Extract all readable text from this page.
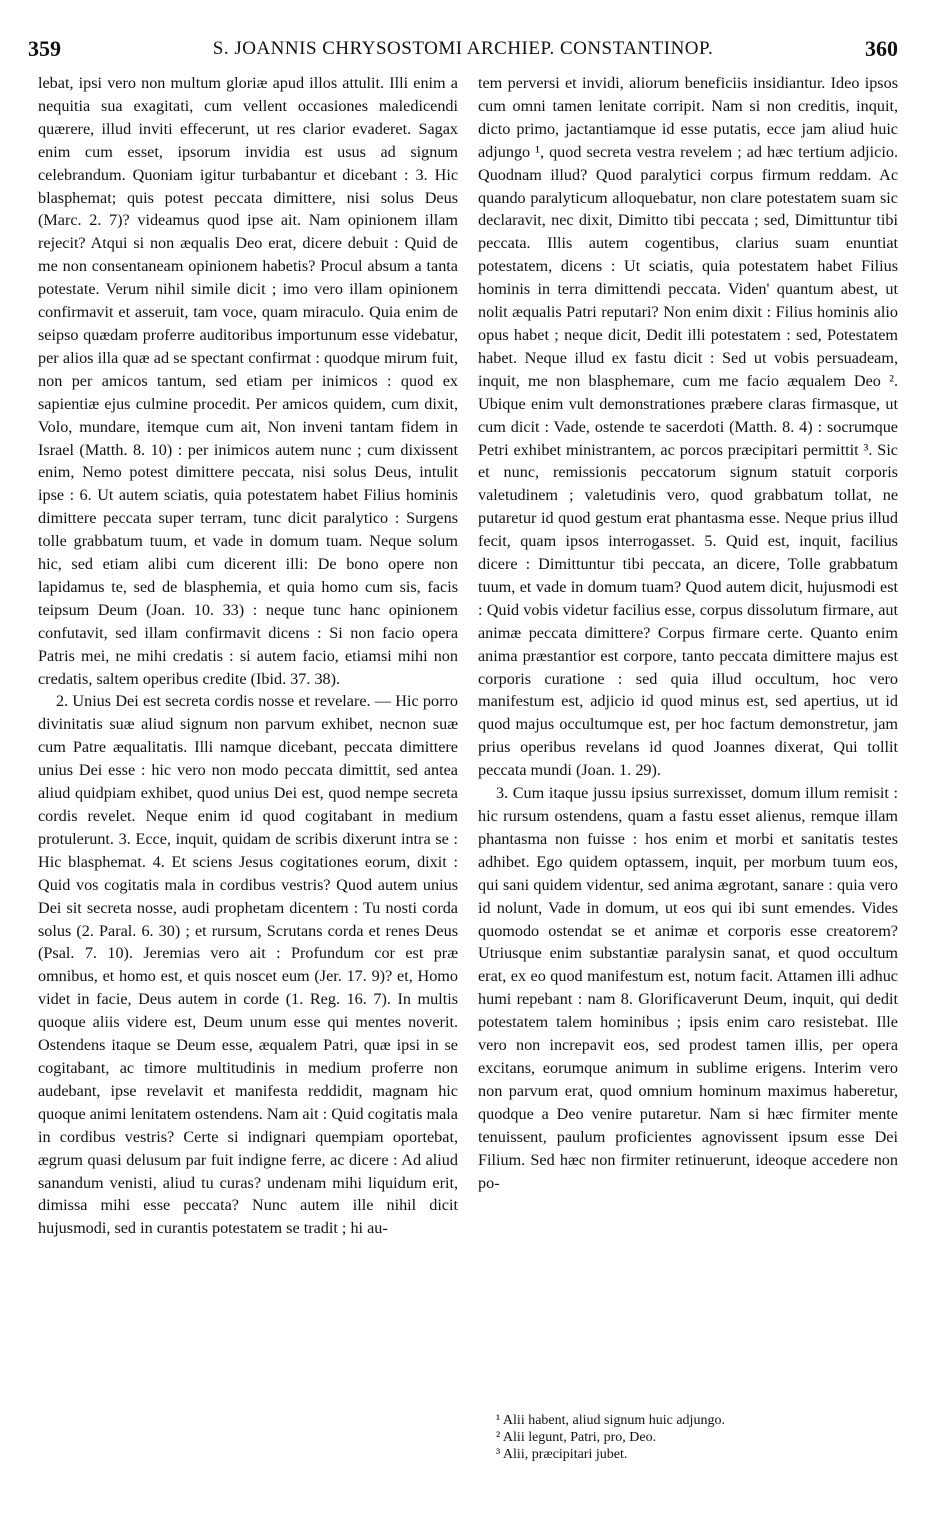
359	S. JOANNIS CHRYSOSTOMI ARCHIEP. CONSTANTINOP.	360

lebat, ipsi vero non multum gloriæ apud illos attulit. Illi enim a nequitia sua exagitati, cum vellent occasiones maledicendi quærere, illud inviti effecerunt, ut res clarior evaderet. Sagax enim cum esset, ipsorum invidia est usus ad signum celebrandum. Quoniam igitur turbabantur et dicebant : 3. Hic blasphemat; quis potest peccata dimittere, nisi solus Deus (Marc. 2. 7)? videamus quod ipse ait. Nam opinionem illam rejecit? Atqui si non æqualis Deo erat, dicere debuit : Quid de me non consentaneam opinionem habetis? Procul absum a tanta potestate. Verum nihil simile dicit ; imo vero illam opinionem confirmavit et asseruit, tam voce, quam miraculo. Quia enim de seipso quædam proferre auditoribus importunum esse videbatur, per alios illa quæ ad se spectant confirmat : quodque mirum fuit, non per amicos tantum, sed etiam per inimicos : quod ex sapientiæ ejus culmine procedit. Per amicos quidem, cum dixit, Volo, mundare, itemque cum ait, Non inveni tantam fidem in Israel (Matth. 8. 10) : per inimicos autem nunc ; cum dixissent enim, Nemo potest dimittere peccata, nisi solus Deus, intulit ipse : 6. Ut autem sciatis, quia potestatem habet Filius hominis dimittere peccata super terram, tunc dicit paralytico : Surgens tolle grabbatum tuum, et vade in domum tuam. Neque solum hic, sed etiam alibi cum dicerent illi: De bono opere non lapidamus te, sed de blasphemia, et quia homo cum sis, facis teipsum Deum (Joan. 10. 33) : neque tunc hanc opinionem confutavit, sed illam confirmavit dicens : Si non facio opera Patris mei, ne mihi credatis : si autem facio, etiamsi mihi non credatis, saltem operibus credite (Ibid. 37. 38).

2. Unius Dei est secreta cordis nosse et revelare. — Hic porro divinitatis suæ aliud signum non parvum exhibet, necnon suæ cum Patre æqualitatis. Illi namque dicebant, peccata dimittere unius Dei esse : hic vero non modo peccata dimittit, sed antea aliud quidpiam exhibet, quod unius Dei est, quod nempe secreta cordis revelet. Neque enim id quod cogitabant in medium protulerunt. 3. Ecce, inquit, quidam de scribis dixerunt intra se : Hic blasphemat. 4. Et sciens Jesus cogitationes eorum, dixit : Quid vos cogitatis mala in cordibus vestris? Quod autem unius Dei sit secreta nosse, audi prophetam dicentem : Tu nosti corda solus (2. Paral. 6. 30) ; et rursum, Scrutans corda et renes Deus (Psal. 7. 10). Jeremias vero ait : Profundum cor est præ omnibus, et homo est, et quis noscet eum (Jer. 17. 9)? et, Homo videt in facie, Deus autem in corde (1. Reg. 16. 7). In multis quoque aliis videre est, Deum unum esse qui mentes noverit. Ostendens itaque se Deum esse, æqualem Patri, quæ ipsi in se cogitabant, ac timore multitudinis in medium proferre non audebant, ipse revelavit et manifesta reddidit, magnam hic quoque animi lenitatem ostendens. Nam ait : Quid cogitatis mala in cordibus vestris? Certe si indignari quempiam oportebat, ægrum quasi delusum par fuit indigne ferre, ac dicere : Ad aliud sanandum venisti, aliud tu curas? undenam mihi liquidum erit, dimissa mihi esse peccata? Nunc autem ille nihil dicit hujusmodi, sed in curantis potestatem se tradit ; hi au-

tem perversi et invidi, aliorum beneficiis insidiantur. Ideo ipsos cum omni tamen lenitate corripit. Nam si non creditis, inquit, dicto primo, jactantiamque id esse putatis, ecce jam aliud huic adjungo ¹, quod secreta vestra revelem ; ad hæc tertium adjicio. Quodnam illud? Quod paralytici corpus firmum reddam. Ac quando paralyticum alloquebatur, non clare potestatem suam sic declaravit, nec dixit, Dimitto tibi peccata ; sed, Dimittuntur tibi peccata. Illis autem cogentibus, clarius suam enuntiat potestatem, dicens : Ut sciatis, quia potestatem habet Filius hominis in terra dimittendi peccata. Viden' quantum abest, ut nolit æqualis Patri reputari? Non enim dixit : Filius hominis alio opus habet ; neque dicit, Dedit illi potestatem : sed, Potestatem habet. Neque illud ex fastu dicit : Sed ut vobis persuadeam, inquit, me non blasphemare, cum me facio æqualem Deo ². Ubique enim vult demonstrationes præbere claras firmasque, ut cum dicit : Vade, ostende te sacerdoti (Matth. 8. 4) : socrumque Petri exhibet ministrantem, ac porcos præcipitari permittit ³. Sic et nunc, remissionis peccatorum signum statuit corporis valetudinem ; valetudinis vero, quod grabbatum tollat, ne putaretur id quod gestum erat phantasma esse. Neque prius illud fecit, quam ipsos interrogasset. 5. Quid est, inquit, facilius dicere : Dimittuntur tibi peccata, an dicere, Tolle grabbatum tuum, et vade in domum tuam? Quod autem dicit, hujusmodi est : Quid vobis videtur facilius esse, corpus dissolutum firmare, aut animæ peccata dimittere? Corpus firmare certe. Quanto enim anima præstantior est corpore, tanto peccata dimittere majus est corporis curatione : sed quia illud occultum, hoc vero manifestum est, adjicio id quod minus est, sed apertius, ut id quod majus occultumque est, per hoc factum demonstretur, jam prius operibus revelans id quod Joannes dixerat, Qui tollit peccata mundi (Joan. 1. 29).

3. Cum itaque jussu ipsius surrexisset, domum illum remisit : hic rursum ostendens, quam a fastu esset alienus, remque illam phantasma non fuisse : hos enim et morbi et sanitatis testes adhibet. Ego quidem optassem, inquit, per morbum tuum eos, qui sani quidem videntur, sed anima ægrotant, sanare : quia vero id nolunt, Vade in domum, ut eos qui ibi sunt emendes. Vides quomodo ostendat se et animæ et corporis esse creatorem? Utriusque enim substantiæ paralysin sanat, et quod occultum erat, ex eo quod manifestum est, notum facit. Attamen illi adhuc humi repebant : nam 8. Glorificaverunt Deum, inquit, qui dedit potestatem talem hominibus ; ipsis enim caro resistebat. Ille vero non increpavit eos, sed prodest tamen illis, per opera excitans, eorumque animum in sublime erigens. Interim vero non parvum erat, quod omnium hominum maximus haberetur, quodque a Deo venire putaretur. Nam si hæc firmiter mente tenuissent, paulum proficientes agnovissent ipsum esse Dei Filium. Sed hæc non firmiter retinuerunt, ideoque accedere non po-

¹ Alii habent, aliud signum huic adjungo.
² Alii legunt, Patri, pro, Deo.
³ Alii, præcipitari jubet.
